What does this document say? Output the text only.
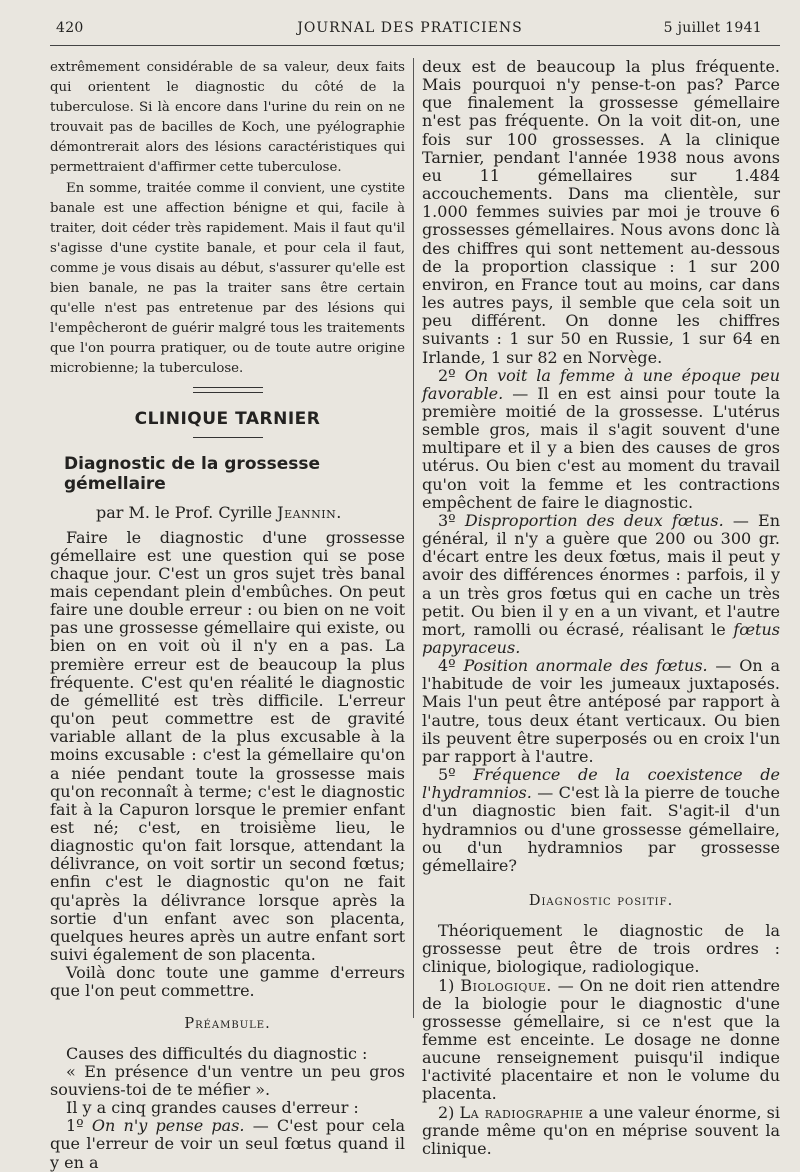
420	JOURNAL DES PRATICIENS	5 juillet 1941

extrêmement considérable de sa valeur, deux faits qui orientent le diagnostic du côté de la tuberculose. Si là encore dans l'urine du rein on ne trouvait pas de bacilles de Koch, une pyélographie démontrerait alors des lésions caractéristiques qui permettraient d'affirmer cette tuberculose.

En somme, traitée comme il convient, une cystite banale est une affection bénigne et qui, facile à traiter, doit céder très rapidement. Mais il faut qu'il s'agisse d'une cystite banale, et pour cela il faut, comme je vous disais au début, s'assurer qu'elle est bien banale, ne pas la traiter sans être certain qu'elle n'est pas entretenue par des lésions qui l'empêcheront de guérir malgré tous les traitements que l'on pourra pratiquer, ou de toute autre origine microbienne; la tuberculose.

CLINIQUE TARNIER
Diagnostic de la grossesse gémellaire
par M. le Prof. Cyrille Jeannin.

Faire le diagnostic d'une grossesse gémellaire est une question qui se pose chaque jour. C'est un gros sujet très banal mais cependant plein d'embûches. On peut faire une double erreur : ou bien on ne voit pas une grossesse gémellaire qui existe, ou bien on en voit où il n'y en a pas. La première erreur est de beaucoup la plus fréquente. C'est qu'en réalité le diagnostic de gémellité est très difficile. L'erreur qu'on peut commettre est de gravité variable allant de la plus excusable à la moins excusable : c'est la gémellaire qu'on a niée pendant toute la grossesse mais qu'on reconnaît à terme; c'est le diagnostic fait à la Capuron lorsque le premier enfant est né; c'est, en troisième lieu, le diagnostic qu'on fait lorsque, attendant la délivrance, on voit sortir un second fœtus; enfin c'est le diagnostic qu'on ne fait qu'après la délivrance lorsque après la sortie d'un enfant avec son placenta, quelques heures après un autre enfant sort suivi également de son placenta.

Voilà donc toute une gamme d'erreurs que l'on peut commettre.

Préambule.

Causes des difficultés du diagnostic :

« En présence d'un ventre un peu gros souviens-toi de te méfier ».

Il y a cinq grandes causes d'erreur :

1º On n'y pense pas. — C'est pour cela que l'erreur de voir un seul fœtus quand il y en a

deux est de beaucoup la plus fréquente. Mais pourquoi n'y pense-t-on pas? Parce que finalement la grossesse gémellaire n'est pas fréquente. On la voit dit-on, une fois sur 100 grossesses. A la clinique Tarnier, pendant l'année 1938 nous avons eu 11 gémellaires sur 1.484 accouchements. Dans ma clientèle, sur 1.000 femmes suivies par moi je trouve 6 grossesses gémellaires. Nous avons donc là des chiffres qui sont nettement au-dessous de la proportion classique : 1 sur 200 environ, en France tout au moins, car dans les autres pays, il semble que cela soit un peu différent. On donne les chiffres suivants : 1 sur 50 en Russie, 1 sur 64 en Irlande, 1 sur 82 en Norvège.

2º On voit la femme à une époque peu favorable. — Il en est ainsi pour toute la première moitié de la grossesse. L'utérus semble gros, mais il s'agit souvent d'une multipare et il y a bien des causes de gros utérus. Ou bien c'est au moment du travail qu'on voit la femme et les contractions empêchent de faire le diagnostic.

3º Disproportion des deux fœtus. — En général, il n'y a guère que 200 ou 300 gr. d'écart entre les deux fœtus, mais il peut y avoir des différences énormes : parfois, il y a un très gros fœtus qui en cache un très petit. Ou bien il y en a un vivant, et l'autre mort, ramolli ou écrasé, réalisant le fœtus papyraceus.

4º Position anormale des fœtus. — On a l'habitude de voir les jumeaux juxtaposés. Mais l'un peut être antéposé par rapport à l'autre, tous deux étant verticaux. Ou bien ils peuvent être superposés ou en croix l'un par rapport à l'autre.

5º Fréquence de la coexistence de l'hydramnios. — C'est là la pierre de touche d'un diagnostic bien fait. S'agit-il d'un hydramnios ou d'une grossesse gémellaire, ou d'un hydramnios par grossesse gémellaire?

Diagnostic positif.

Théoriquement le diagnostic de la grossesse peut être de trois ordres : clinique, biologique, radiologique.

1) Biologique. — On ne doit rien attendre de la biologie pour le diagnostic d'une grossesse gémellaire, si ce n'est que la femme est enceinte. Le dosage ne donne aucune renseignement puisqu'il indique l'activité placentaire et non le volume du placenta.

2) La radiographie a une valeur énorme, si grande même qu'on en méprise souvent la clinique.
